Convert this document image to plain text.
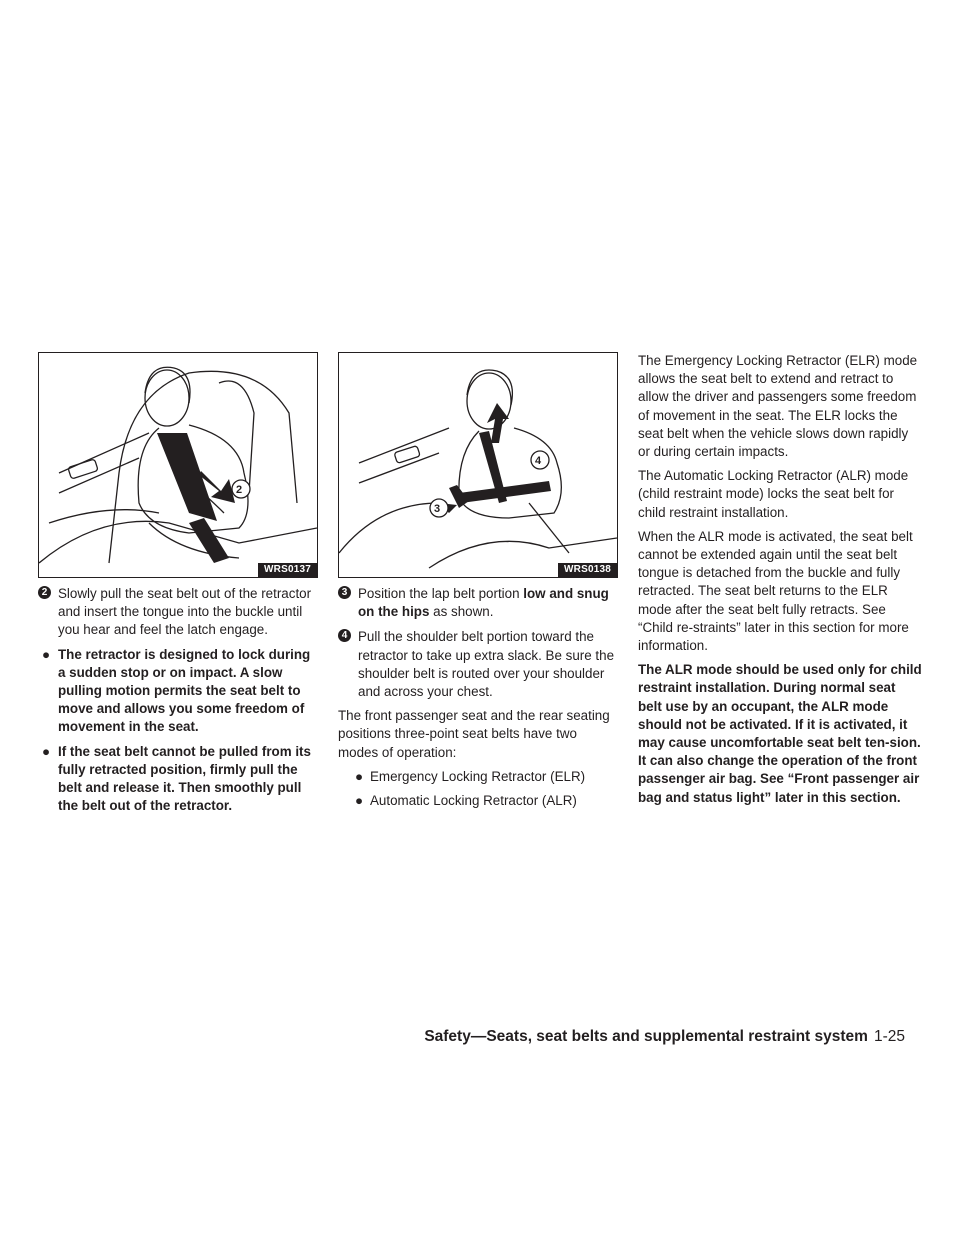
2
WRS0137
2 Slowly pull the seat belt out of the retractor and insert the tongue into the buckle until you hear and feel the latch engage.
● The retractor is designed to lock during a sudden stop or on impact. A slow pulling motion permits the seat belt to move and allows you some freedom of movement in the seat.
● If the seat belt cannot be pulled from its fully retracted position, firmly pull the belt and release it. Then smoothly pull the belt out of the retractor.
4
3
WRS0138
3 Position the lap belt portion low and snug on the hips as shown.
4 Pull the shoulder belt portion toward the retractor to take up extra slack. Be sure the shoulder belt is routed over your shoulder and across your chest.

The front passenger seat and the rear seating positions three-point seat belts have two modes of operation:

● Emergency Locking Retractor (ELR)
● Automatic Locking Retractor (ALR)

The Emergency Locking Retractor (ELR) mode allows the seat belt to extend and retract to allow the driver and passengers some freedom of movement in the seat. The ELR locks the seat belt when the vehicle slows down rapidly or during certain impacts.

The Automatic Locking Retractor (ALR) mode (child restraint mode) locks the seat belt for child restraint installation.

When the ALR mode is activated, the seat belt cannot be extended again until the seat belt tongue is detached from the buckle and fully retracted. The seat belt returns to the ELR mode after the seat belt fully retracts. See “Child re-straints” later in this section for more information.

The ALR mode should be used only for child restraint installation. During normal seat belt use by an occupant, the ALR mode should not be activated. If it is activated, it may cause uncomfortable seat belt ten-sion. It can also change the operation of the front passenger air bag. See “Front passenger air bag and status light” later in this section.

Safety—Seats, seat belts and supplemental restraint system 1-25
